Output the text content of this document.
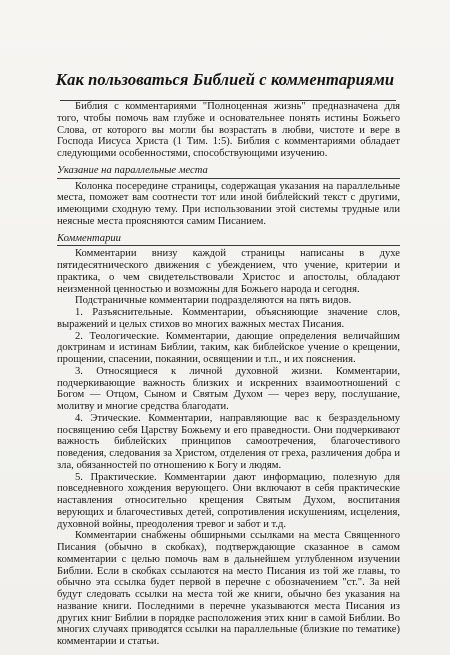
Как пользоваться Библией с комментариями

Библия с комментариями "Полноценная жизнь" предназначена для того, чтобы помочь вам глубже и основательнее понять истины Божьего Слова, от которого вы могли бы возрастать в любви, чистоте и вере в Господа Иисуса Христа (1 Тим. 1:5). Библия с комментариями обладает следующими особенностями, способствующими изучению.

Указание на параллельные места

Колонка посередине страницы, содержащая указания на параллельные места, поможет вам соотнести тот или иной библейский текст с другими, имеющими сходную тему. При использовании этой системы трудные или неясные места проясняются самим Писанием.

Комментарии

Комментарии внизу каждой страницы написаны в духе пятидесятнического движения с убеждением, что учение, критерии и практика, о чем свидетельствовали Христос и апостолы, обладают неизменной ценностью и возможны для Божьего народа и сегодня.

Подстраничные комментарии подразделяются на пять видов.

1. Разъяснительные. Комментарии, объясняющие значение слов, выражений и целых стихов во многих важных местах Писания.

2. Теологические. Комментарии, дающие определения величайшим доктринам и истинам Библии, таким, как библейское учение о крещении, прощении, спасении, покаянии, освящении и т.п., и их пояснения.

3. Относящиеся к личной духовной жизни. Комментарии, подчеркивающие важность близких и искренних взаимоотношений с Богом — Отцом, Сыном и Святым Духом — через веру, послушание, молитву и многие средства благодати.

4. Этические. Комментарии, направляющие вас к безраздельному посвящению себя Царству Божьему и его праведности. Они подчеркивают важность библейских принципов самоотречения, благочестивого поведения, следования за Христом, отделения от греха, различения добра и зла, обязанностей по отношению к Богу и людям.

5. Практические. Комментарии дают информацию, полезную для повседневного хождения верующего. Они включают в себя практические наставления относительно крещения Святым Духом, воспитания верующих и благочестивых детей, сопротивления искушениям, исцеления, духовной войны, преодоления тревог и забот и т.д.

Комментарии снабжены обширными ссылками на места Священного Писания (обычно в скобках), подтверждающие сказанное в самом комментарии с целью помочь вам в дальнейшем углубленном изучении Библии. Если в скобках ссылаются на место Писания из той же главы, то обычно эта ссылка будет первой в перечне с обозначением "ст.". За ней будут следовать ссылки на места той же книги, обычно без указания на название книги. Последними в перечне указываются места Писания из других книг Библии в порядке расположения этих книг в самой Библии. Во многих случаях приводятся ссылки на параллельные (близкие по тематике) комментарии и статьи.
